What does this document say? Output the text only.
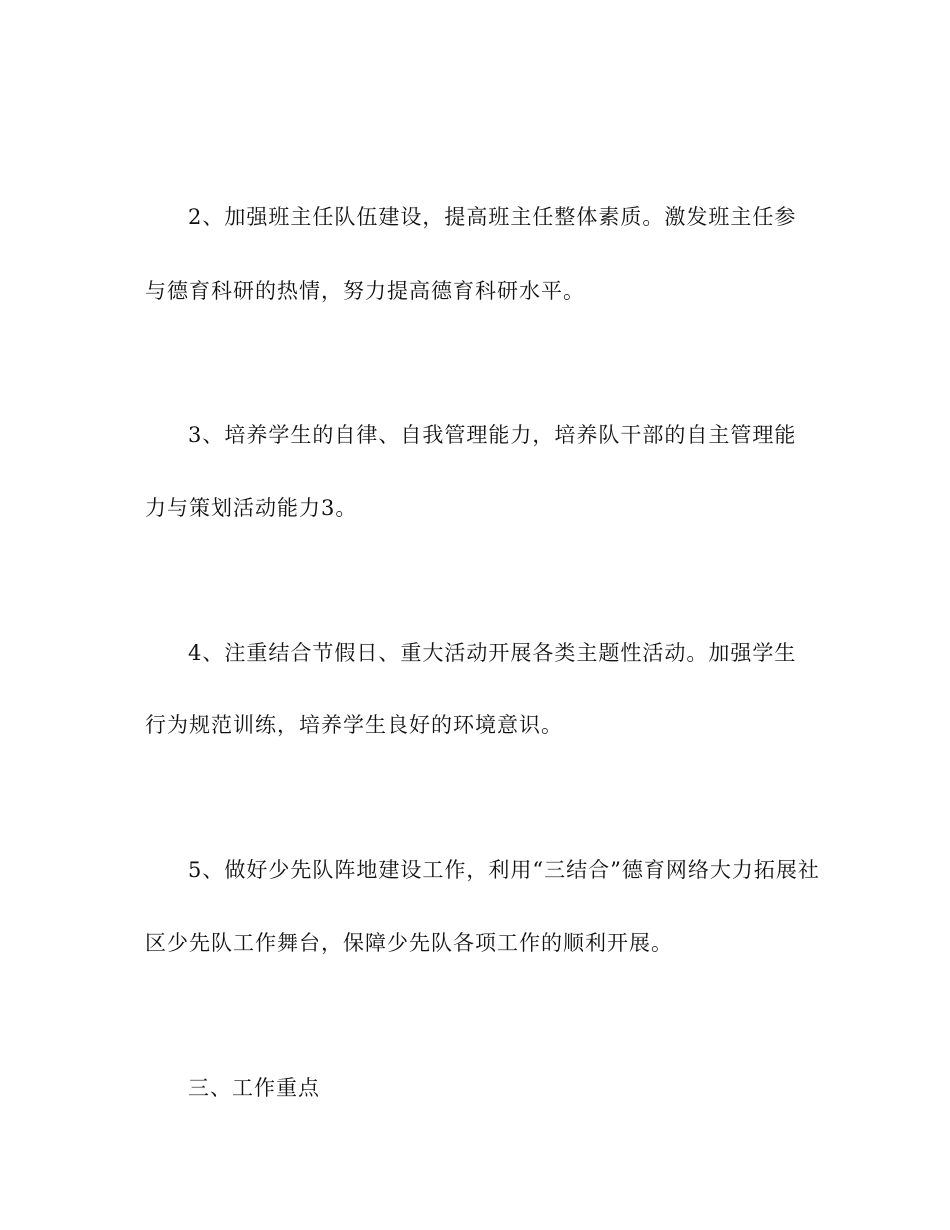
2、加强班主任队伍建设，提高班主任整体素质。激发班主任参
与德育科研的热情，努力提高德育科研水平。
3、培养学生的自律、自我管理能力，培养队干部的自主管理能
力与策划活动能力3。
4、注重结合节假日、重大活动开展各类主题性活动。加强学生
行为规范训练，培养学生良好的环境意识。
5、做好少先队阵地建设工作，利用“三结合”德育网络大力拓展社
区少先队工作舞台，保障少先队各项工作的顺利开展。
三、工作重点
